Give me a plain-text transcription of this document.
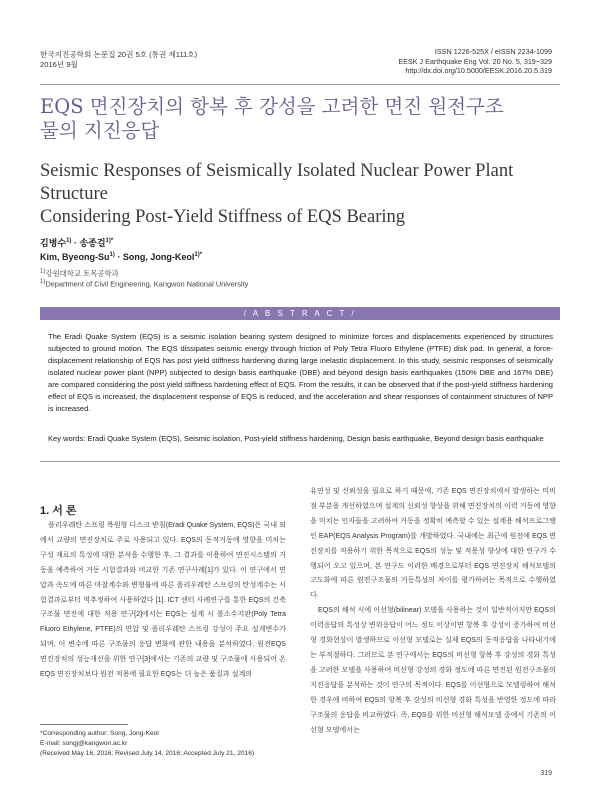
한국지진공학회 논문집 20권 5호 (통권 제111호)
2016년 9월
ISSN 1226-525X / eISSN 2234-1099
EESK J Earthquake Eng Vol. 20 No. 5, 319~329
http://dx.doi.org/10.5000/EESK.2016.20.5.319
EQS 면진장치의 항복 후 강성을 고려한 면진 원전구조
물의 지진응답
Seismic Responses of Seismically Isolated Nuclear Power Plant Structure
Considering Post-Yield Stiffness of EQS Bearing
김병수$^{1)}$ · 송종걸$^{1)*}$
Kim, Byeong-$Su^{1)}$ · Song, Jong-Keol$^{1)*}$
$^{1)}$강원대학교 토목공학과
$^{1)}$Department of Civil Engineering, Kangwon National University
/ A B S T R A C T /
The Eradi Quake System (EQS) is a seismic isolation bearing system designed to minimize forces and displacements experienced by structures subjected to ground motion. The EQS dissipates seismic energy through friction of Poly Tetra Fluoro Ethylene (PTFE) disk pad. In general, a force-displacement relationship of EQS has post yield stiffness hardening during large inelastic displacement. In this study, seismic responses of seismically isolated nuclear power plant (NPP) subjected to design basis earthquake (DBE) and beyond design basis earthquakes (150% DBE and 167% DBE) are compared considering the post yield stiffness hardening effect of EQS. From the results, it can be observed that if the post-yield stiffness hardening effect of EQS is increased, the displacement response of EQS is reduced, and the acceleration and shear responses of containment structures of NPP is increased.
Key words: Eradi Quake System (EQS), Seismic isolation, Post-yield stiffness hardening, Design basis earthquake, Beyond design basis earthquake
1. 서 론
플리우레탄 스프링 복원형 디스크 받침(Eradi Quake System, EQS)은 국내 외에서 교량의 면진장치로 주로 사용되고 있다. EQS의 동적거동에 영향을 미치는 구성 재료의 특성에 대한 분석을 수행한 후, 그 결과를 이용하여 면진시스템의 거동을 예측하여 거동 시험결과와 비교한 기존 연구사례[1]가 있다. 이 연구에서 면압과 속도에 따른 마찰계수와 변형률에 따른 폴리우레탄 스프링의 탄성계수는 시험결과로부터 역추정하여 사용하였다 [1]. ICT 센터 사례연구를 통한 EQS의 건축구조물 면진에 대한 적용 연구[2]에서는 EQS는 설계 시 볼소수지판(Poly Tetra Fluoro Ethylene, PTFE)의 면압 및 폴리우레탄 스프링 강성이 주요 설계변수가 되며, 이 변수에 따른 구조물의 응답 변화에 관한 내용을 분석하였다. 원전EQS 면진장치의 성능개선을 위한 연구[3]에서는 기존의 교량 및 구조물에 사용되어 온 EQS 면진장치보다 원전 적용에 필요한 EQS는 더 높은 품질과 설계의
유연성 및 신뢰성을 필요로 하기 때문에, 기존 EQS 면진장치에서 발생하는 미비점 부분을 개선하였으며 설계의 신뢰성 향상을 위해 면진장치의 이력 거동에 영향을 미치는 인자들을 고려하여 거동을 정확히 예측할 수 있는 설계용 해석프로그램인 EAP(EQS Analysis Program)를 개발하였다. 국내에는 최근에 원전에 EQS 면진장치를 적용하기 위한 목적으로 EQS의 성능 및 적용성 향상에 대한 연구가 수행되어 오고 있으며, 본 연구도 이러한 배경으로부터 EQS 면진장치 해석모델의 고도화에 따른 원전구조물의 거동특성의 차이를 평가하려는 목적으로 수행하였다.
EQS의 해석 시에 이선형(bilinear) 모델을 사용하는 것이 일반적이지만 EQS의 이력응답의 특성상 변위응답이 어느 정도 이상이면 항복 후 강성이 증가하여 비선형 경화현상이 발생하므로 이선형 모델로는 실제 EQS의 동적응답을 나타내기에는 부적절하다. 그러므로 본 연구에서는 EQS의 비선형 항복 후 강성의 경화 특성을 고려한 모델을 사용하여 비선형 강성의 경화 정도에 따른 면진된 원전구조물의 지진응답을 분석하는 것이 연구의 목적이다. EQS를 이선형으로 모델링하여 해석한 경우에 비하여 EQS의 항복 후 강성의 비선형 경화 특성을 반영한 정도에 따라 구조물의 응답을 비교하였다. 즉, EQS를 위한 비선형 해석모델 중에서 기존의 이선형 모델에서는
*Corresponding author: Song, Jong-Keol
E-mail: songj@kangwon.ac.kr
(Received May 16, 2016; Revised July 14, 2016; Accepted July 21, 2016)
319
